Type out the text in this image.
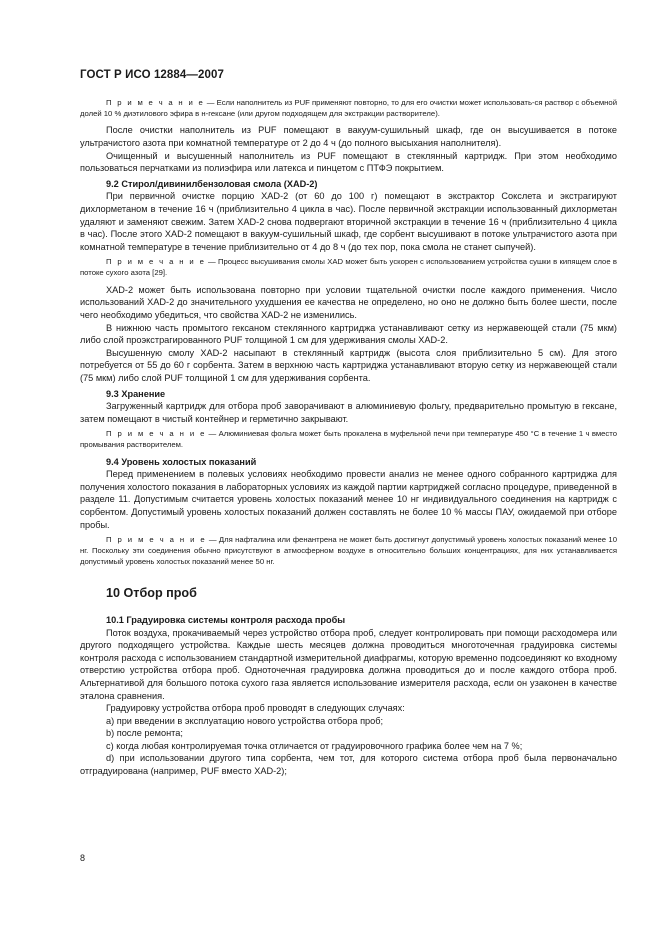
ГОСТ Р ИСО 12884—2007

П р и м е ч а н и е — Если наполнитель из PUF применяют повторно, то для его очистки может использовать-ся раствор с объемной долей 10 % диэтилового эфира в н-гексане (или другом подходящем для экстракции растворителе).

После очистки наполнитель из PUF помещают в вакуум-сушильный шкаф, где он высушивается в потоке ультрачистого азота при комнатной температуре от 2 до 4 ч (до полного высыхания наполнителя).

Очищенный и высушенный наполнитель из PUF помещают в стеклянный картридж. При этом необходимо пользоваться перчатками из полиэфира или латекса и пинцетом с ПТФЭ покрытием.

9.2 Стирол/дивинилбензоловая смола (XAD-2)

При первичной очистке порцию XAD-2 (от 60 до 100 г) помещают в экстрактор Сокслета и экстрагируют дихлорметаном в течение 16 ч (приблизительно 4 цикла в час). После первичной экстракции использованный дихлорметан удаляют и заменяют свежим. Затем XAD-2 снова подвергают вторичной экстракции в течение 16 ч (приблизительно 4 цикла в час). После этого XAD-2 помещают в вакуум-сушильный шкаф, где сорбент высушивают в потоке ультрачистого азота при комнатной температуре в течение приблизительно от 4 до 8 ч (до тех пор, пока смола не станет сыпучей).

П р и м е ч а н и е — Процесс высушивания смолы XAD может быть ускорен с использованием устройства сушки в кипящем слое в потоке сухого азота [29].

XAD-2 может быть использована повторно при условии тщательной очистки после каждого применения. Число использований XAD-2 до значительного ухудшения ее качества не определено, но оно не должно быть более шести, после чего необходимо убедиться, что свойства XAD-2 не изменились.

В нижнюю часть промытого гексаном стеклянного картриджа устанавливают сетку из нержавеющей стали (75 мкм) либо слой проэкстрагированного PUF толщиной 1 см для удерживания смолы XAD-2.

Высушенную смолу XAD-2 насыпают в стеклянный картридж (высота слоя приблизительно 5 см). Для этого потребуется от 55 до 60 г сорбента. Затем в верхнюю часть картриджа устанавливают вторую сетку из нержавеющей стали (75 мкм) либо слой PUF толщиной 1 см для удерживания сорбента.

9.3 Хранение

Загруженный картридж для отбора проб заворачивают в алюминиевую фольгу, предварительно промытую в гексане, затем помещают в чистый контейнер и герметично закрывают.

П р и м е ч а н и е — Алюминиевая фольга может быть прокалена в муфельной печи при температуре 450 °С в течение 1 ч вместо промывания растворителем.

9.4 Уровень холостых показаний

Перед применением в полевых условиях необходимо провести анализ не менее одного собранного картриджа для получения холостого показания в лабораторных условиях из каждой партии картриджей согласно процедуре, приведенной в разделе 11. Допустимым считается уровень холостых показаний менее 10 нг индивидуального соединения на картридж с сорбентом. Допустимый уровень холостых показаний должен составлять не более 10 % массы ПАУ, ожидаемой при отборе пробы.

П р и м е ч а н и е — Для нафталина или фенантрена не может быть достигнут допустимый уровень холостых показаний менее 10 нг. Поскольку эти соединения обычно присутствуют в атмосферном воздухе в относительно больших концентрациях, для них устанавливается допустимый уровень холостых показаний менее 50 нг.

10 Отбор проб
10.1 Градуировка системы контроля расхода пробы

Поток воздуха, прокачиваемый через устройство отбора проб, следует контролировать при помощи расходомера или другого подходящего устройства. Каждые шесть месяцев должна проводиться многоточечная градуировка системы контроля расхода с использованием стандартной измерительной диафрагмы, которую временно подсоединяют ко входному отверстию устройства отбора проб. Одноточечная градуировка должна проводиться до и после каждого отбора проб. Альтернативой для большого потока сухого газа является использование измерителя расхода, если он узаконен в качестве эталона сравнения.

Градуировку устройства отбора проб проводят в следующих случаях:

a) при введении в эксплуатацию нового устройства отбора проб;

b) после ремонта;

c) когда любая контролируемая точка отличается от градуировочного графика более чем на 7 %;

d) при использовании другого типа сорбента, чем тот, для которого система отбора проб была первоначально отградуирована (например, PUF вместо XAD-2);

8
